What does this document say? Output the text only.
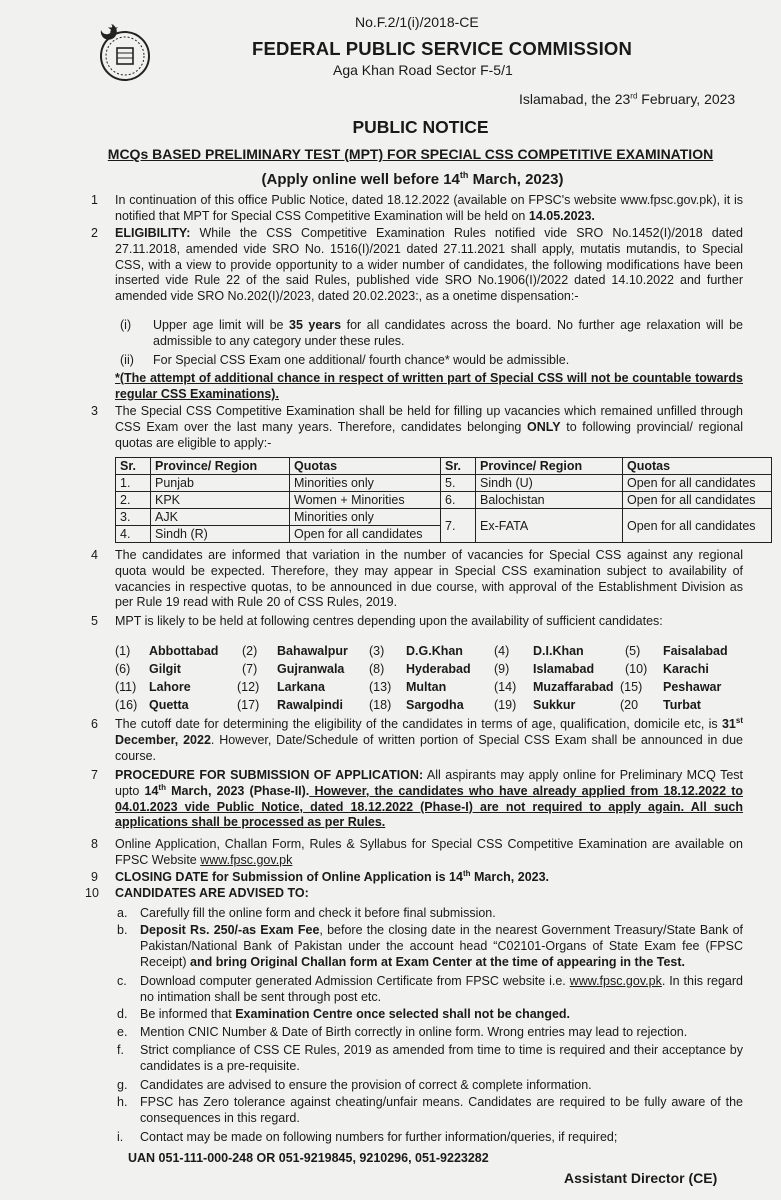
No.F.2/1(i)/2018-CE
FEDERAL PUBLIC SERVICE COMMISSION
Aga Khan Road Sector F-5/1
Islamabad, the 23rd February, 2023
PUBLIC NOTICE
MCQs BASED PRELIMINARY TEST (MPT) FOR SPECIAL CSS COMPETITIVE EXAMINATION
(Apply online well before 14th March, 2023)
1 In continuation of this office Public Notice, dated 18.12.2022 (available on FPSC's website www.fpsc.gov.pk), it is notified that MPT for Special CSS Competitive Examination will be held on 14.05.2023.
2 ELIGIBILITY: While the CSS Competitive Examination Rules notified vide SRO No.1452(I)/2018 dated 27.11.2018, amended vide SRO No. 1516(I)/2021 dated 27.11.2021 shall apply, mutatis mutandis, to Special CSS, with a view to provide opportunity to a wider number of candidates, the following modifications have been inserted vide Rule 22 of the said Rules, published vide SRO No.1906(I)/2022 dated 14.10.2022 and further amended vide SRO No.202(I)/2023, dated 20.02.2023:, as a onetime dispensation:-
(i) Upper age limit will be 35 years for all candidates across the board. No further age relaxation will be admissible to any category under these rules.
(ii) For Special CSS Exam one additional/ fourth chance* would be admissible.
*(The attempt of additional chance in respect of written part of Special CSS will not be countable towards regular CSS Examinations).
3 The Special CSS Competitive Examination shall be held for filling up vacancies which remained unfilled through CSS Exam over the last many years. Therefore, candidates belonging ONLY to following provincial/ regional quotas are eligible to apply:-
Sr.	Province/ Region	Quotas	Sr.	Province/ Region	Quotas
1.	Punjab	Minorities only	5.	Sindh (U)	Open for all candidates
2.	KPK	Women + Minorities	6.	Balochistan	Open for all candidates
3.	AJK	Minorities only	7.	Ex-FATA	Open for all candidates
4.	Sindh (R)	Open for all candidates			
4 The candidates are informed that variation in the number of vacancies for Special CSS against any regional quota would be expected. Therefore, they may appear in Special CSS examination subject to availability of vacancies in respective quotas, to be announced in due course, with approval of the Establishment Division as per Rule 19 read with Rule 20 of CSS Rules, 2019.
5 MPT is likely to be held at following centres depending upon the availability of sufficient candidates:
(1) Abbottabad (2) Bahawalpur (3) D.G.Khan (4) D.I.Khan	(5) Faisalabad
(6) Gilgit	(7) Gujranwala (8) Hyderabad (9) Islamabad (10) Karachi
(11) Lahore	(12) Larkana	(13) Multan	(14) Muzaffarabad (15) Peshawar
(16) Quetta	(17) Rawalpindi (18) Sargodha (19) Sukkur	(20 Turbat
6 The cutoff date for determining the eligibility of the candidates in terms of age, qualification, domicile etc, is 31st December, 2022. However, Date/Schedule of written portion of Special CSS Exam shall be announced in due course.
7 PROCEDURE FOR SUBMISSION OF APPLICATION: All aspirants may apply online for Preliminary MCQ Test upto 14th March, 2023 (Phase-II). However, the candidates who have already applied from 18.12.2022 to 04.01.2023 vide Public Notice, dated 18.12.2022 (Phase-I) are not required to apply again. All such applications shall be processed as per Rules.
8 Online Application, Challan Form, Rules & Syllabus for Special CSS Competitive Examination are available on FPSC Website www.fpsc.gov.pk
9 CLOSING DATE for Submission of Online Application is 14th March, 2023.
10 CANDIDATES ARE ADVISED TO:
a. Carefully fill the online form and check it before final submission.
b. Deposit Rs. 250/-as Exam Fee, before the closing date in the nearest Government Treasury/State Bank of Pakistan/National Bank of Pakistan under the account head “C02101-Organs of State Exam fee (FPSC Receipt) and bring Original Challan form at Exam Center at the time of appearing in the Test.
c. Download computer generated Admission Certificate from FPSC website i.e. www.fpsc.gov.pk. In this regard no intimation shall be sent through post etc.
d. Be informed that Examination Centre once selected shall not be changed.
e. Mention CNIC Number & Date of Birth correctly in online form. Wrong entries may lead to rejection.
f. Strict compliance of CSS CE Rules, 2019 as amended from time to time is required and their acceptance by candidates is a pre-requisite.
g. Candidates are advised to ensure the provision of correct & complete information.
h. FPSC has Zero tolerance against cheating/unfair means. Candidates are required to be fully aware of the consequences in this regard.
i. Contact may be made on following numbers for further information/queries, if required;
UAN 051-111-000-248 OR 051-9219845, 9210296, 051-9223282
Assistant Director (CE)
